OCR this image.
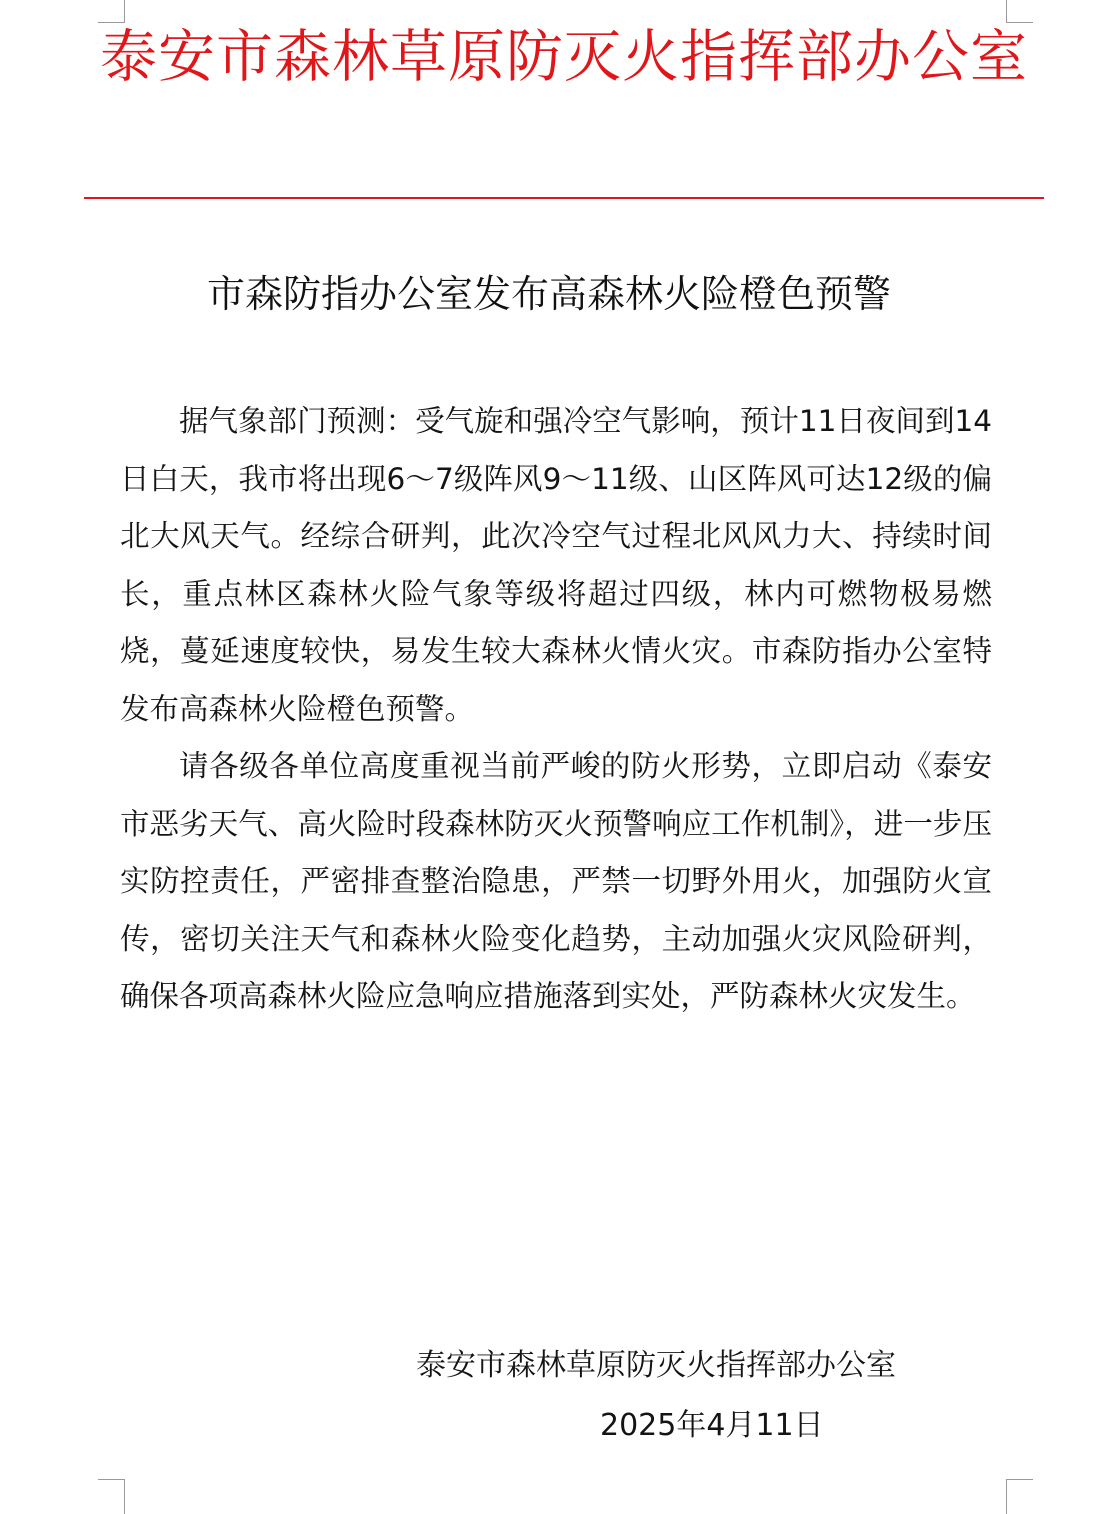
泰安市森林草原防灭火指挥部办公室
市森防指办公室发布高森林火险橙色预警

据气象部门预测：受气旋和强冷空气影响，预计11日夜间到14日白天，我市将出现6～7级阵风9～11级、山区阵风可达12级的偏北大风天气。经综合研判，此次冷空气过程北风风力大、持续时间长，重点林区森林火险气象等级将超过四级，林内可燃物极易燃烧，蔓延速度较快，易发生较大森林火情火灾。市森防指办公室特发布高森林火险橙色预警。

请各级各单位高度重视当前严峻的防火形势，立即启动《泰安市恶劣天气、高火险时段森林防灭火预警响应工作机制》，进一步压实防控责任，严密排查整治隐患，严禁一切野外用火，加强防火宣传，密切关注天气和森林火险变化趋势，主动加强火灾风险研判，确保各项高森林火险应急响应措施落到实处，严防森林火灾发生。

泰安市森林草原防灭火指挥部办公室
2025年4月11日
